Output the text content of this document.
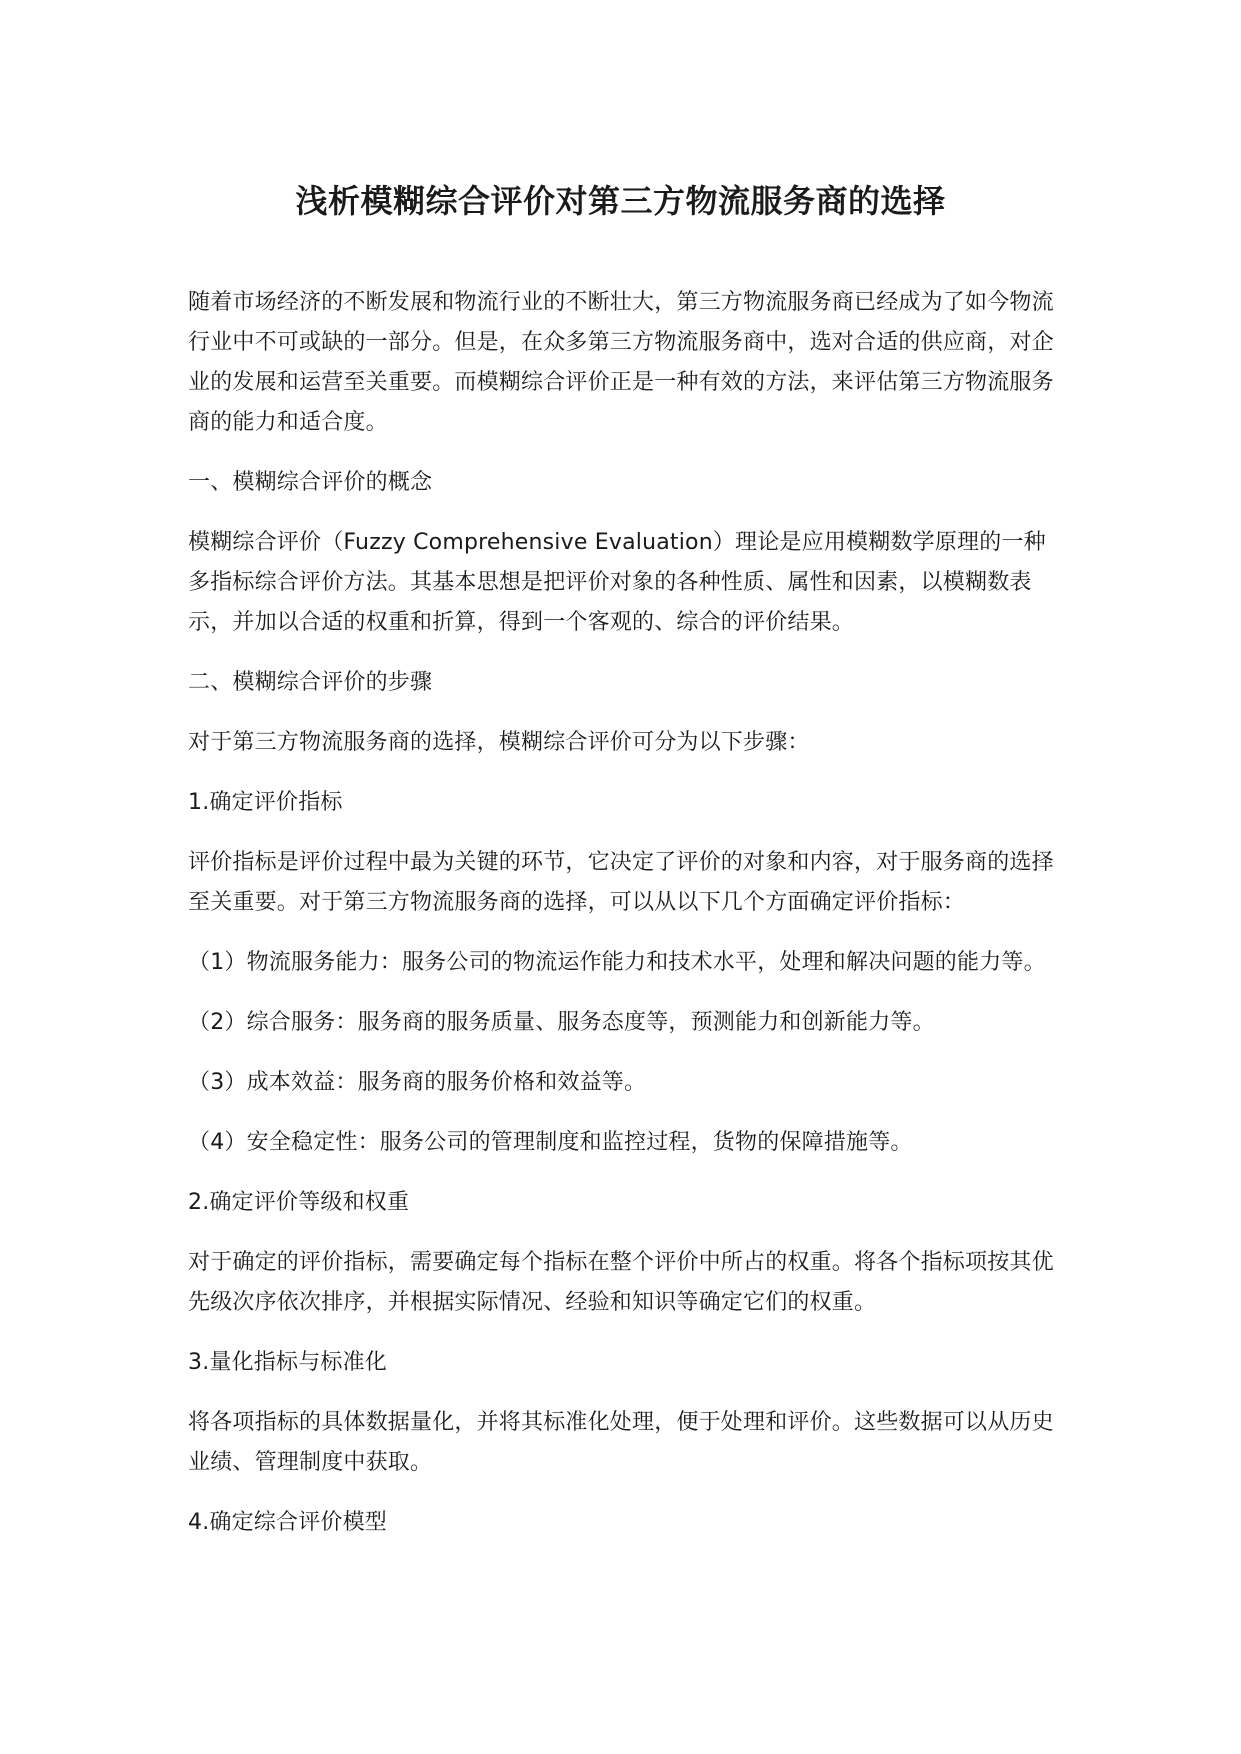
浅析模糊综合评价对第三方物流服务商的选择

随着市场经济的不断发展和物流行业的不断壮大，第三方物流服务商已经成为了如今物流行业中不可或缺的一部分。但是，在众多第三方物流服务商中，选对合适的供应商，对企业的发展和运营至关重要。而模糊综合评价正是一种有效的方法，来评估第三方物流服务商的能力和适合度。

一、模糊综合评价的概念

模糊综合评价（Fuzzy Comprehensive Evaluation）理论是应用模糊数学原理的一种多指标综合评价方法。其基本思想是把评价对象的各种性质、属性和因素，以模糊数表示，并加以合适的权重和折算，得到一个客观的、综合的评价结果。

二、模糊综合评价的步骤

对于第三方物流服务商的选择，模糊综合评价可分为以下步骤：

1.确定评价指标

评价指标是评价过程中最为关键的环节，它决定了评价的对象和内容，对于服务商的选择至关重要。对于第三方物流服务商的选择，可以从以下几个方面确定评价指标：

（1）物流服务能力：服务公司的物流运作能力和技术水平，处理和解决问题的能力等。

（2）综合服务：服务商的服务质量、服务态度等，预测能力和创新能力等。

（3）成本效益：服务商的服务价格和效益等。

（4）安全稳定性：服务公司的管理制度和监控过程，货物的保障措施等。

2.确定评价等级和权重

对于确定的评价指标，需要确定每个指标在整个评价中所占的权重。将各个指标项按其优先级次序依次排序，并根据实际情况、经验和知识等确定它们的权重。

3.量化指标与标准化

将各项指标的具体数据量化，并将其标准化处理，便于处理和评价。这些数据可以从历史业绩、管理制度中获取。

4.确定综合评价模型
